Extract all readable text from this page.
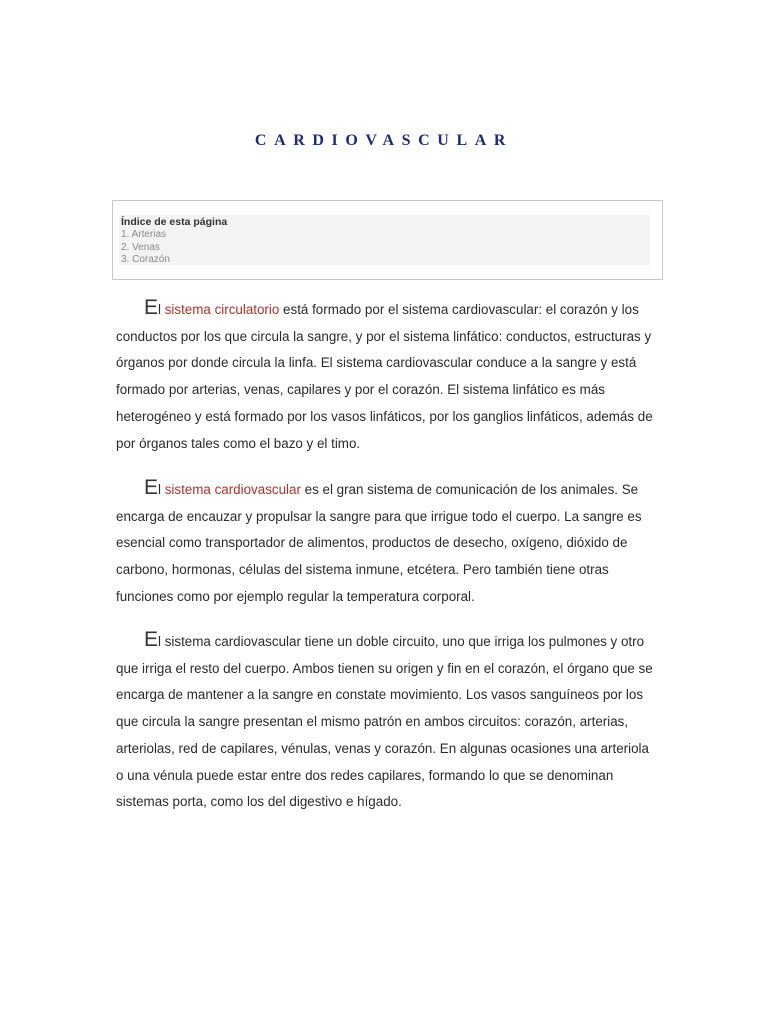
CARDIOVASCULAR
Índice de esta página
1. Arterias
2. Venas
3. Corazón

El sistema circulatorio está formado por el sistema cardiovascular: el corazón y los conductos por los que circula la sangre, y por el sistema linfático: conductos, estructuras y órganos por donde circula la linfa. El sistema cardiovascular conduce a la sangre y está formado por arterias, venas, capilares y por el corazón. El sistema linfático es más heterogéneo y está formado por los vasos linfáticos, por los ganglios linfáticos, además de por órganos tales como el bazo y el timo.

El sistema cardiovascular es el gran sistema de comunicación de los animales. Se encarga de encauzar y propulsar la sangre para que irrigue todo el cuerpo. La sangre es esencial como transportador de alimentos, productos de desecho, oxígeno, dióxido de carbono, hormonas, células del sistema inmune, etcétera. Pero también tiene otras funciones como por ejemplo regular la temperatura corporal.

El sistema cardiovascular tiene un doble circuito, uno que irriga los pulmones y otro que irriga el resto del cuerpo. Ambos tienen su origen y fin en el corazón, el órgano que se encarga de mantener a la sangre en constate movimiento. Los vasos sanguíneos por los que circula la sangre presentan el mismo patrón en ambos circuitos: corazón, arterias, arteriolas, red de capilares, vénulas, venas y corazón. En algunas ocasiones una arteriola o una vénula puede estar entre dos redes capilares, formando lo que se denominan sistemas porta, como los del digestivo e hígado.
